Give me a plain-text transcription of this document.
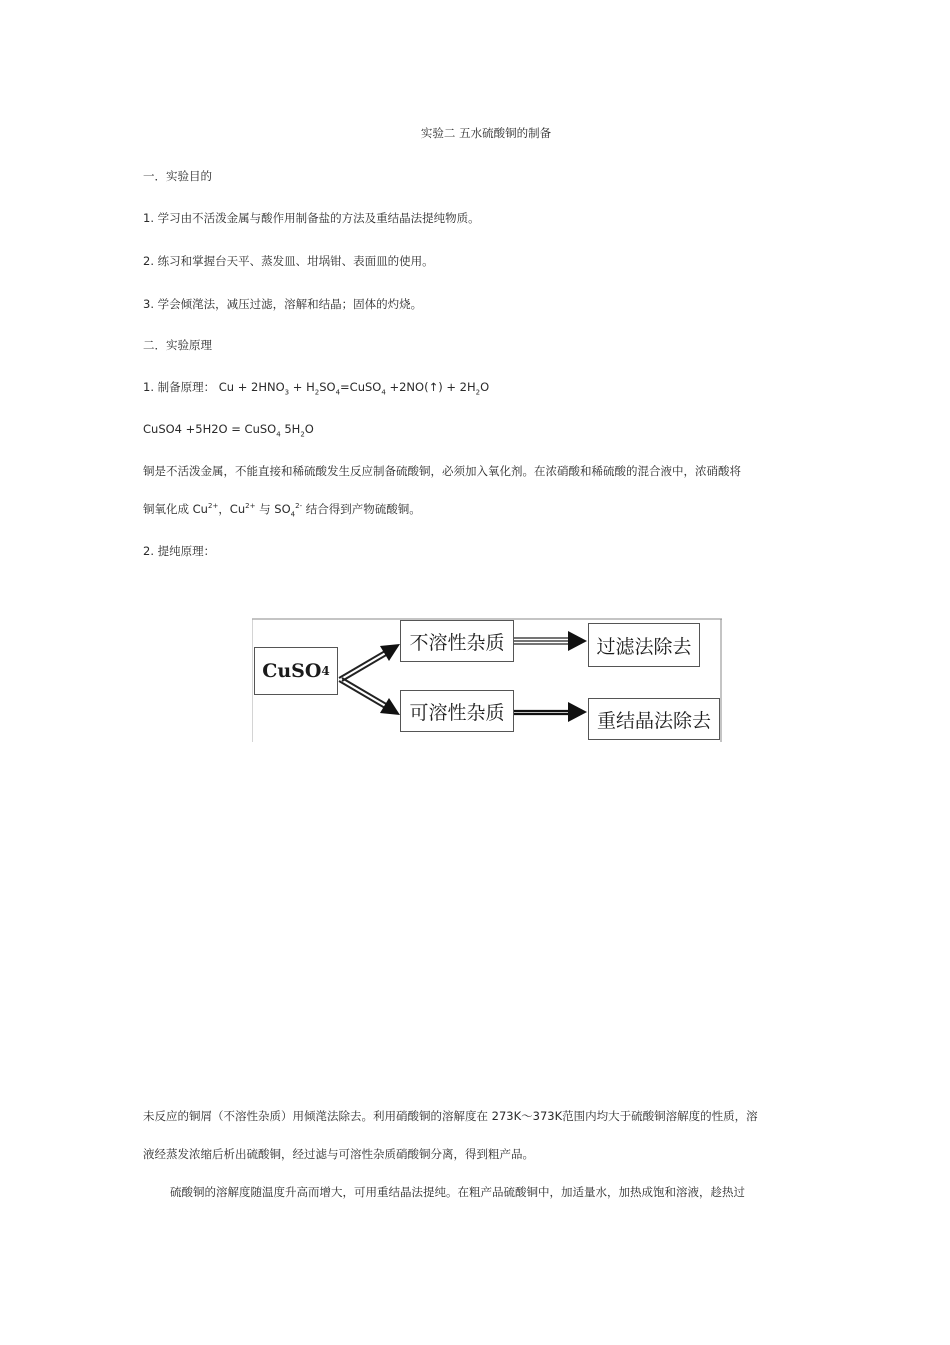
实验二 五水硫酸铜的制备

一．实验目的

1. 学习由不活泼金属与酸作用制备盐的方法及重结晶法提纯物质。

2. 练习和掌握台天平、蒸发皿、坩埚钳、表面皿的使用。

3. 学会倾滗法，减压过滤，溶解和结晶；固体的灼烧。

二．实验原理

1. 制备原理： $Cu + 2HNO_3$ + $H_2SO_4=CuSO_4$ +2NO(↑) + $2H_2O$

CuSO4 +5H2O = CuSO$_4$ $5H_2O$

铜是不活泼金属，不能直接和稀硫酸发生反应制备硫酸铜，必须加入氧化剂。在浓硝酸和稀硫酸的混合液中，浓硝酸将

铜氧化成 $Cu^{2+}$，$Cu^{2+}$ 与 $SO_4^{2-}$ 结合得到产物硫酸铜。

2. 提纯原理：

CuSO 4
不溶性杂质
可溶性杂质
过滤法除去
重结晶法除去

未反应的铜屑（不溶性杂质）用倾滗法除去。利用硝酸铜的溶解度在 273K～373K范围内均大于硫酸铜溶解度的性质，溶

液经蒸发浓缩后析出硫酸铜，经过滤与可溶性杂质硝酸铜分离，得到粗产品。

硫酸铜的溶解度随温度升高而增大，可用重结晶法提纯。在粗产品硫酸铜中，加适量水，加热成饱和溶液，趁热过
